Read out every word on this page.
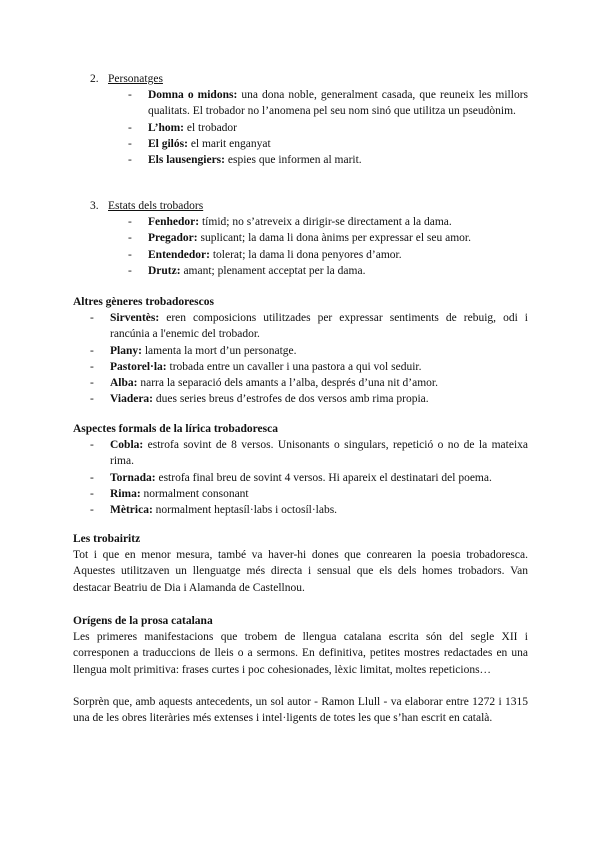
2. Personatges
- Domna o midons: una dona noble, generalment casada, que reuneix les millors qualitats. El trobador no l’anomena pel seu nom sinó que utilitza un pseudònim.
- L’hom: el trobador
- El gilós: el marit enganyat
- Els lausengiers: espies que informen al marit.
3. Estats dels trobadors
- Fenhedor: tímid; no s’atreveix a dirigir-se directament a la dama.
- Pregador: suplicant; la dama li dona ànims per expressar el seu amor.
- Entendedor: tolerat; la dama li dona penyores d’amor.
- Drutz: amant; plenament acceptat per la dama.
Altres gèneres trobadorescos
- Sirventès: eren composicions utilitzades per expressar sentiments de rebuig, odi i rancúnia a l'enemic del trobador.
- Plany: lamenta la mort d’un personatge.
- Pastorel·la: trobada entre un cavaller i una pastora a qui vol seduir.
- Alba: narra la separació dels amants a l’alba, després d’una nit d’amor.
- Viadera: dues series breus d’estrofes de dos versos amb rima propia.
Aspectes formals de la lírica trobadoresca
- Cobla: estrofa sovint de 8 versos. Unisonants o singulars, repetició o no de la mateixa rima.
- Tornada: estrofa final breu de sovint 4 versos. Hi apareix el destinatari del poema.
- Rima: normalment consonant
- Mètrica: normalment heptasíl·labs i octosíl·labs.
Les trobairitz

Tot i que en menor mesura, també va haver-hi dones que conrearen la poesia trobadoresca. Aquestes utilitzaven un llenguatge més directa i sensual que els dels homes trobadors. Van destacar Beatriu de Dia i Alamanda de Castellnou.

Orígens de la prosa catalana

Les primeres manifestacions que trobem de llengua catalana escrita són del segle XII i corresponen a traduccions de lleis o a sermons. En definitiva, petites mostres redactades en una llengua molt primitiva: frases curtes i poc cohesionades, lèxic limitat, moltes repeticions…

Sorprèn que, amb aquests antecedents, un sol autor - Ramon Llull - va elaborar entre 1272 i 1315 una de les obres literàries més extenses i intel·ligents de totes les que s’han escrit en català.
